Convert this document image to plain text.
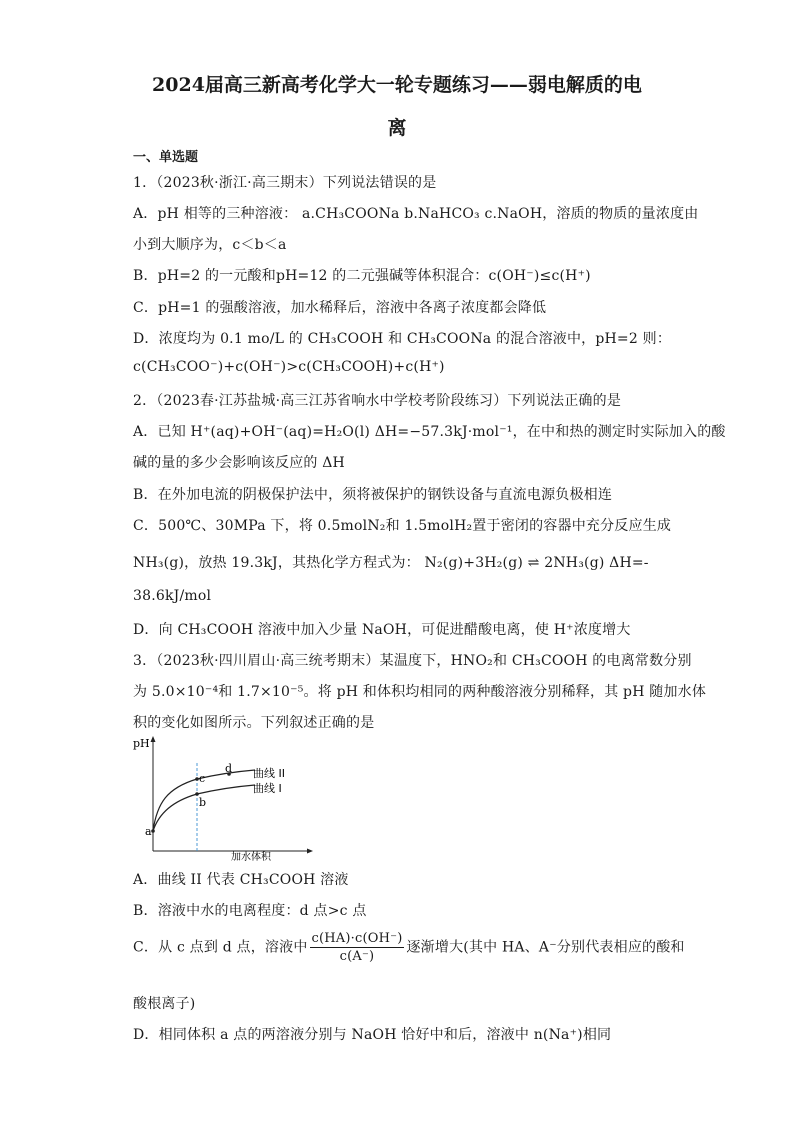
2024届高三新高考化学大一轮专题练习——弱电解质的电
离
一、单选题
1．（2023秋·浙江·高三期末）下列说法错误的是
A．pH 相等的三种溶液： a.CH₃COONa b.NaHCO₃ c.NaOH，溶质的物质的量浓度由
小到大顺序为，c＜b＜a
B．pH=2 的一元酸和pH=12 的二元强碱等体积混合：c(OH⁻)≤c(H⁺)
C．pH=1 的强酸溶液，加水稀释后，溶液中各离子浓度都会降低
D．浓度均为 0.1 mo/L 的 CH₃COOH 和 CH₃COONa 的混合溶液中，pH=2 则：
c(CH₃COO⁻)+c(OH⁻)>c(CH₃COOH)+c(H⁺)
2．（2023春·江苏盐城·高三江苏省响水中学校考阶段练习）下列说法正确的是
A．已知 H⁺(aq)+OH⁻(aq)=H₂O(l) ΔH=−57.3kJ·mol⁻¹，在中和热的测定时实际加入的酸
碱的量的多少会影响该反应的 ΔH
B．在外加电流的阴极保护法中，须将被保护的钢铁设备与直流电源负极相连
C．500℃、30MPa 下，将 0.5molN₂和 1.5molH₂置于密闭的容器中充分反应生成
NH₃(g)，放热 19.3kJ，其热化学方程式为： N₂(g)+3H₂(g) ⇌ 2NH₃(g) ΔH=-
38.6kJ/mol
D．向 CH₃COOH 溶液中加入少量 NaOH，可促进醋酸电离，使 H⁺浓度增大
3．（2023秋·四川眉山·高三统考期末）某温度下，HNO₂和 CH₃COOH 的电离常数分别
为 5.0×10⁻⁴和 1.7×10⁻⁵。将 pH 和体积均相同的两种酸溶液分别稀释，其 pH 随加水体
积的变化如图所示。下列叙述正确的是
pH
加水体积
a
c
b
d 曲线 II
曲线 I
A．曲线 II 代表 CH₃COOH 溶液
B．溶液中水的电离程度：d 点>c 点
C．从 c 点到 d 点，溶液中 $\frac{c(HA)\cdot c(OH^-)}{c(A^-)}$ 逐渐增大(其中 HA、A⁻分别代表相应的酸和
酸根离子)
D．相同体积 a 点的两溶液分别与 NaOH 恰好中和后，溶液中 n(Na⁺)相同
